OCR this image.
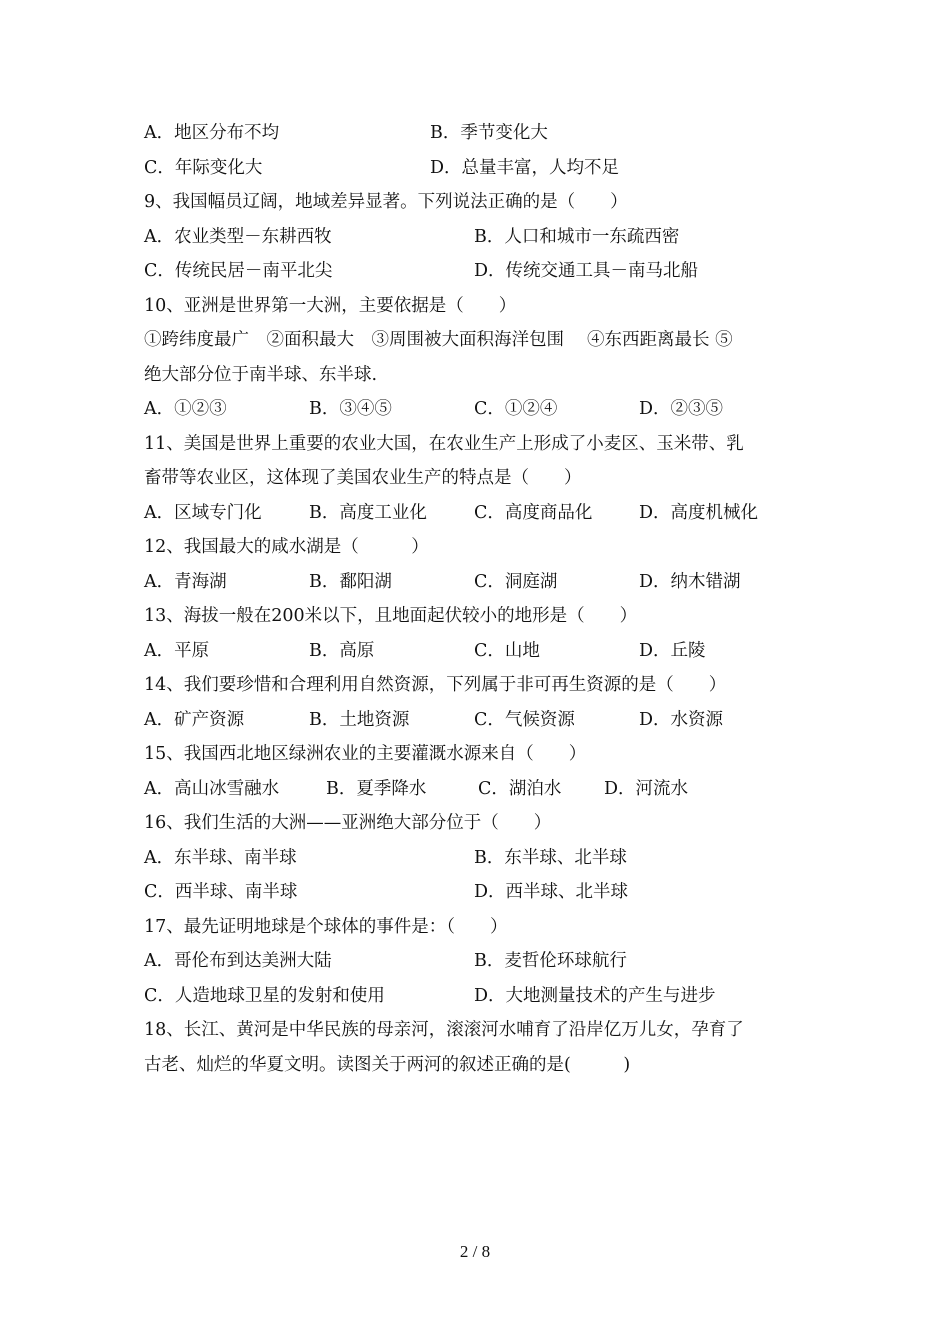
2 / 8
A．地区分布不均	B．季节变化大
C．年际变化大	D．总量丰富，人均不足
9、我国幅员辽阔，地域差异显著。下列说法正确的是（　　）
A．农业类型－东耕西牧	B．人口和城市一东疏西密
C．传统民居－南平北尖	D．传统交通工具－南马北船
10、亚洲是世界第一大洲，主要依据是（　　）
①跨纬度最广　②面积最大　③周围被大面积海洋包围　 ④东西距离最长 ⑤
绝大部分位于南半球、东半球.
A．①②③	B．③④⑤	C．①②④	D．②③⑤
11、美国是世界上重要的农业大国，在农业生产上形成了小麦区、玉米带、乳
畜带等农业区，这体现了美国农业生产的特点是（　　）
A．区域专门化	B．高度工业化	C．高度商品化	D．高度机械化
12、我国最大的咸水湖是（　　　）
A．青海湖	B．鄱阳湖	C．洞庭湖	D．纳木错湖
13、海拔一般在200米以下，且地面起伏较小的地形是（　　）
A．平原	B．高原	C．山地	D．丘陵
14、我们要珍惜和合理利用自然资源，下列属于非可再生资源的是（　　）
A．矿产资源	B．土地资源	C．气候资源	D．水资源
15、我国西北地区绿洲农业的主要灌溉水源来自（　　）
A．高山冰雪融水	B．夏季降水	C．湖泊水 D．河流水
16、我们生活的大洲——亚洲绝大部分位于（　　）
A．东半球、南半球	B．东半球、北半球
C．西半球、南半球	D．西半球、北半球
17、最先证明地球是个球体的事件是：（　　）
A．哥伦布到达美洲大陆	B．麦哲伦环球航行
C．人造地球卫星的发射和使用	D．大地测量技术的产生与进步
18、长江、黄河是中华民族的母亲河，滚滚河水哺育了沿岸亿万儿女，孕育了
古老、灿烂的华夏文明。读图关于两河的叙述正确的是(　　　)
